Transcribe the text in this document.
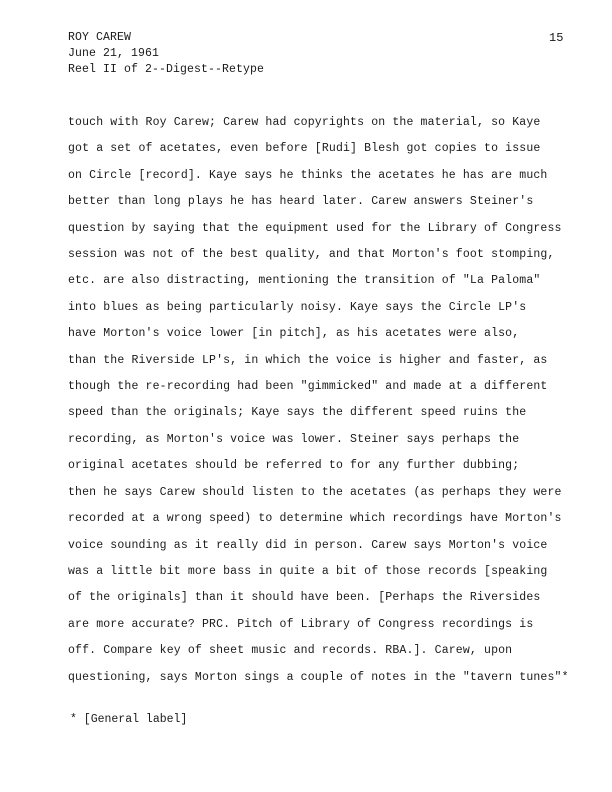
ROY CAREW
June 21, 1961
Reel II of 2--Digest--Retype
15
touch with Roy Carew; Carew had copyrights on the material, so Kaye
got a set of acetates, even before [Rudi] Blesh got copies to issue
on Circle [record]. Kaye says he thinks the acetates he has are much
better than long plays he has heard later. Carew answers Steiner's
question by saying that the equipment used for the Library of Congress
session was not of the best quality, and that Morton's foot stomping,
etc. are also distracting, mentioning the transition of "La Paloma"
into blues as being particularly noisy. Kaye says the Circle LP's
have Morton's voice lower [in pitch], as his acetates were also,
than the Riverside LP's, in which the voice is higher and faster, as
though the re-recording had been "gimmicked" and made at a different
speed than the originals; Kaye says the different speed ruins the
recording, as Morton's voice was lower. Steiner says perhaps the
original acetates should be referred to for any further dubbing;
then he says Carew should listen to the acetates (as perhaps they were
recorded at a wrong speed) to determine which recordings have Morton's
voice sounding as it really did in person. Carew says Morton's voice
was a little bit more bass in quite a bit of those records [speaking
of the originals] than it should have been. [Perhaps the Riversides
are more accurate? PRC. Pitch of Library of Congress recordings is
off. Compare key of sheet music and records. RBA.]. Carew, upon
questioning, says Morton sings a couple of notes in the "tavern tunes"*
* [General label]
